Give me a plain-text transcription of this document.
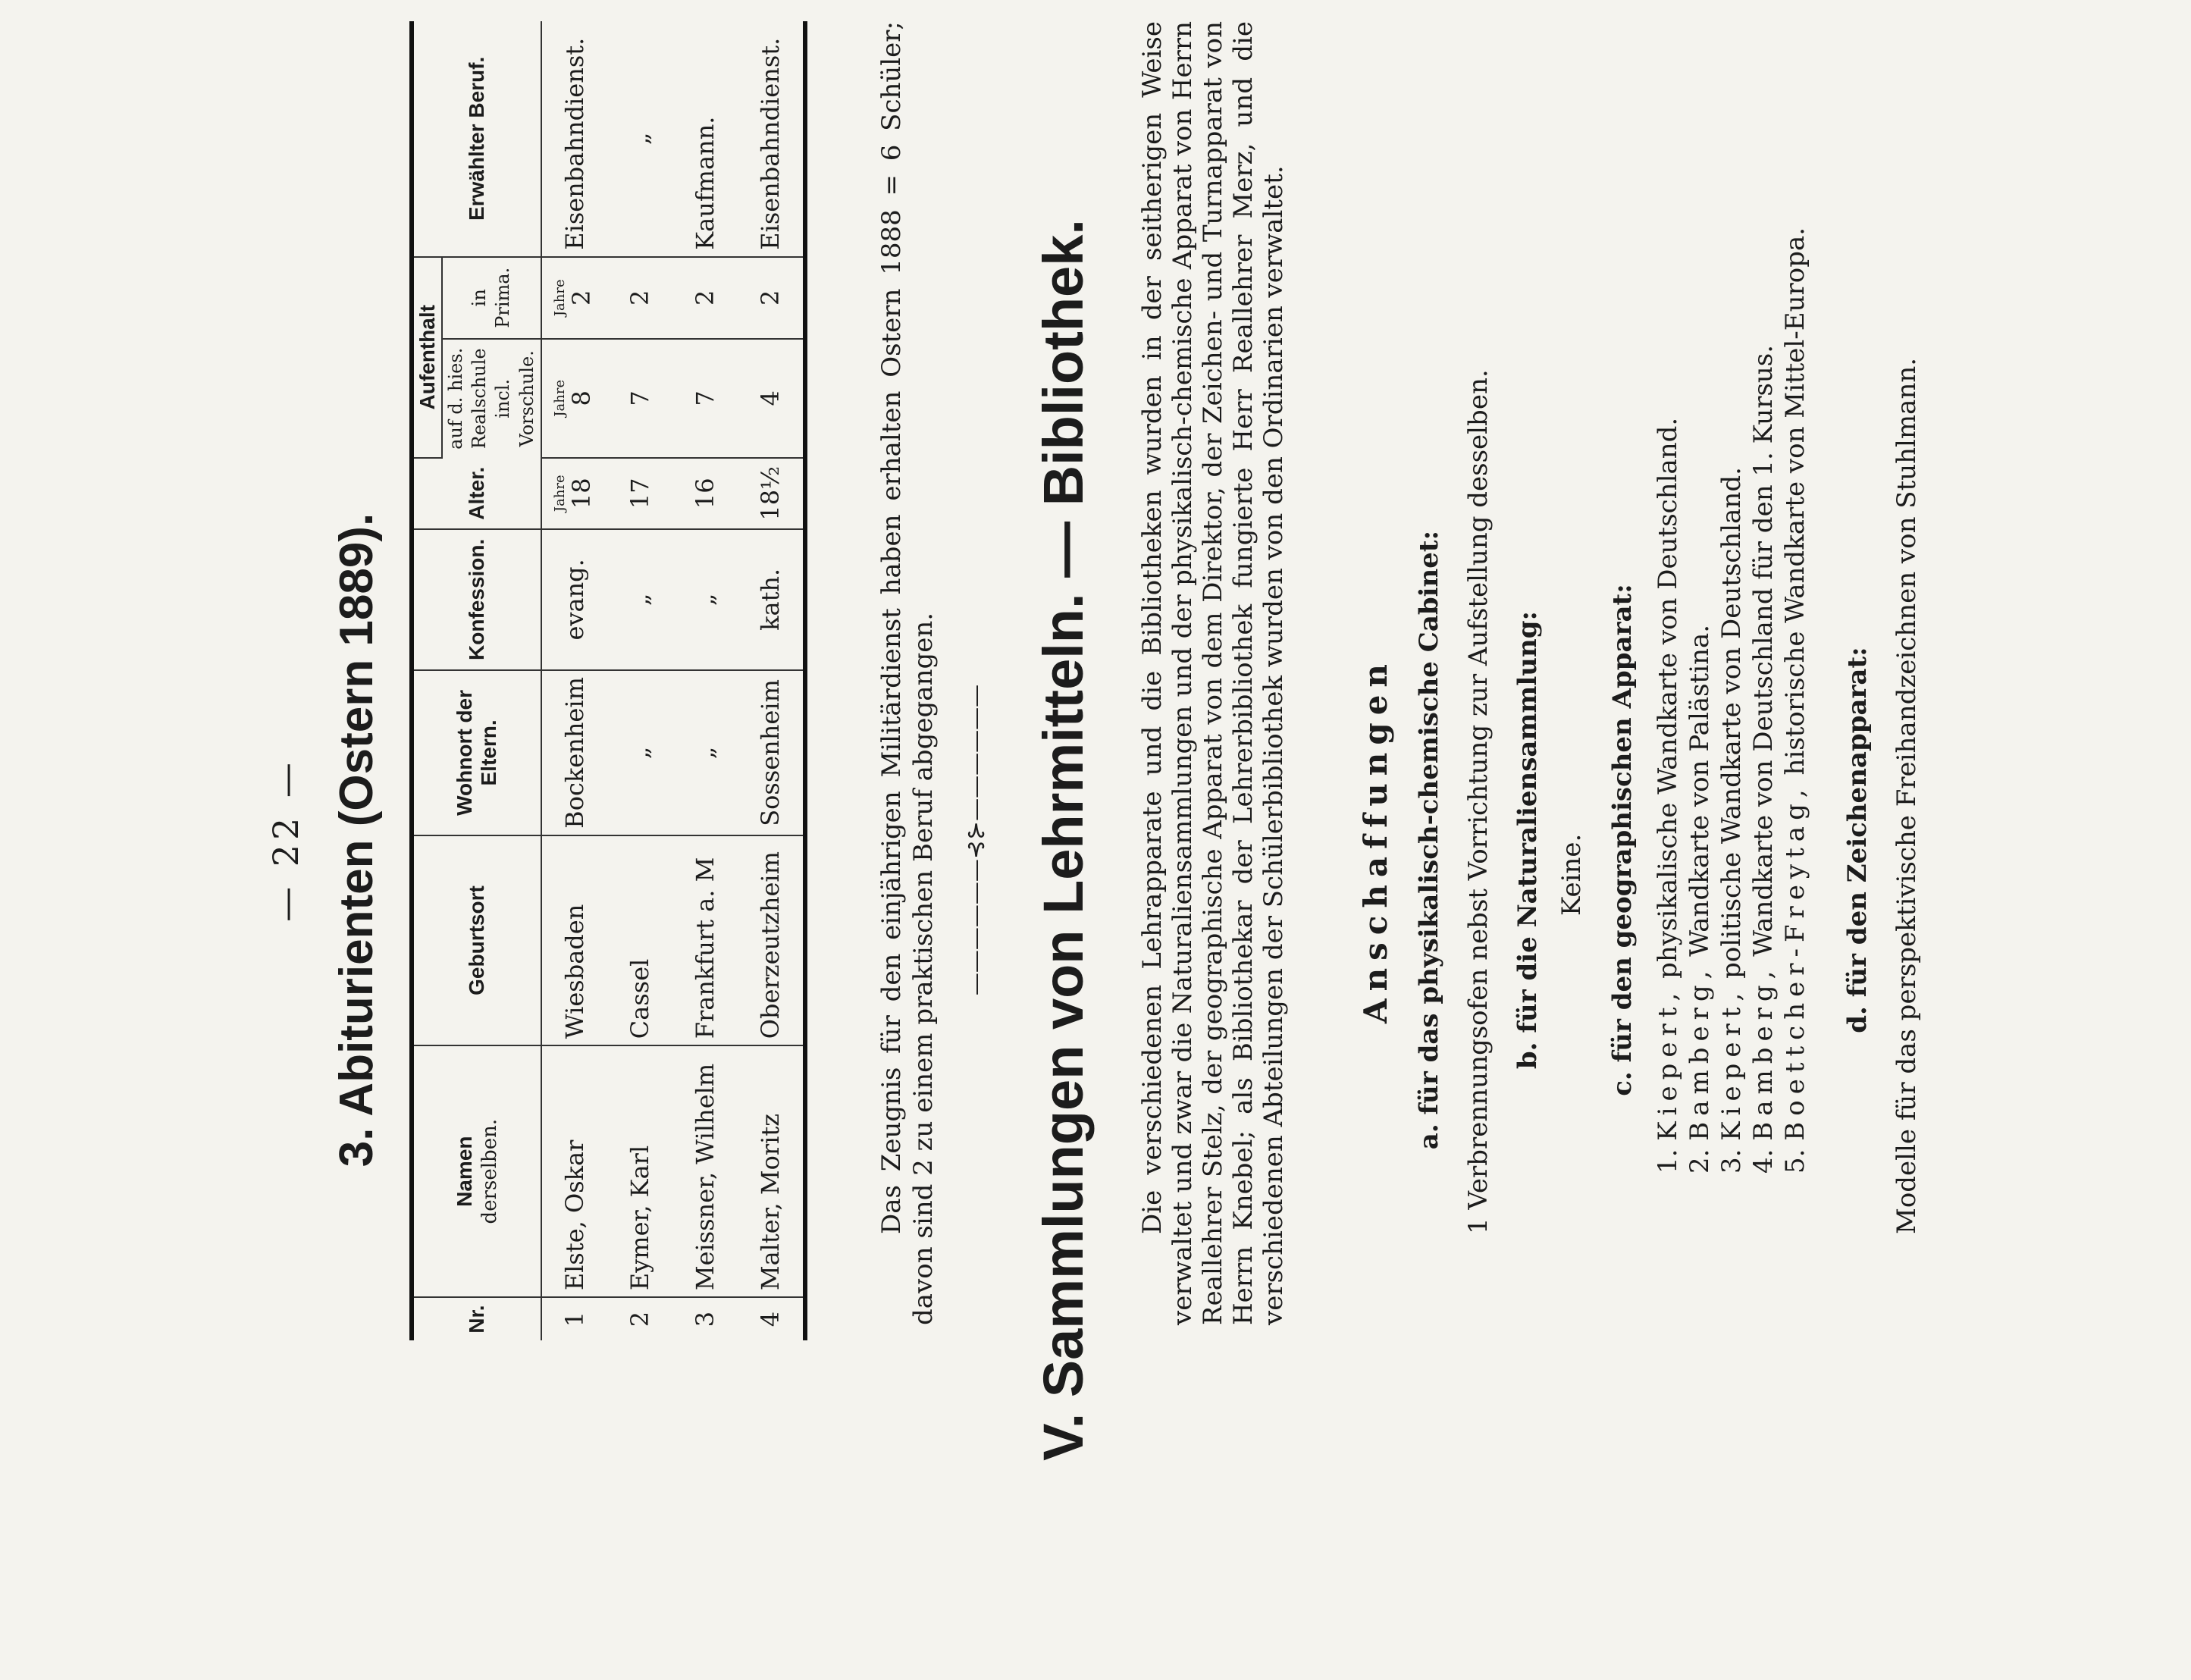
— 22 — 3. Abiturienten (Ostern 1889).
Nr.	Namen derselben.	Geburtsort	Wohnort der Eltern.	Konfession.	Alter.	Aufenthalt		Erwählter Beruf.
						auf d. hies. Realschule incl. Vorschule.	in Prima.	
1	Elste, Oskar	Wiesbaden	Bockenheim	evang.	Jahre 18	Jahre 8	Jahre 2	Eisenbahndienst.
2	Eymer, Karl	Cassel	„	„	17	7	2	„
3	Meissner, Wilhelm	Frankfurt a. M	„	„	16	7	2	Kaufmann.
4	Malter, Moritz	Oberzeutzheim	Sossenheim	kath.	18½	4	2	Eisenbahndienst.	Das Zeugnis für den einjährigen Militärdienst haben erhalten Ostern 1888 = 6 Schüler; davon sind 2 zu einem praktischen Beruf abgegangen. ——————⊰⊱—————— V. Sammlungen von Lehrmitteln. — Bibliothek. Die verschiedenen Lehrapparate und die Bibliotheken wurden in der seitherigen Weise verwaltet und zwar die Naturaliensammlungen und der physikalisch-chemische Apparat von Herrn Reallehrer Stelz, der geographische Apparat von dem Direktor, der Zeichen- und Turnapparat von Herrn Knebel; als Bibliothekar der Lehrerbibliothek fungierte Herr Reallehrer Merz, und die verschiedenen Abteilungen der Schülerbibliothek wurden von den Ordinarien verwaltet. Anschaffungen a. für das physikalisch-chemische Cabinet: 1 Verbrennungsofen nebst Vorrichtung zur Aufstellung desselben. b. für die Naturaliensammlung: Keine. c. für den geographischen Apparat:
1. Kiepert, physikalische Wandkarte von Deutschland.
2. Bamberg, Wandkarte von Palästina.
3. Kiepert, politische Wandkarte von Deutschland.
4. Bamberg, Wandkarte von Deutschland für den 1. Kursus.
5. Boettcher-Freytag, historische Wandkarte von Mittel-Europa.
d. für den Zeichenapparat: Modelle für das perspektivische Freihandzeichnen von Stuhlmann.
